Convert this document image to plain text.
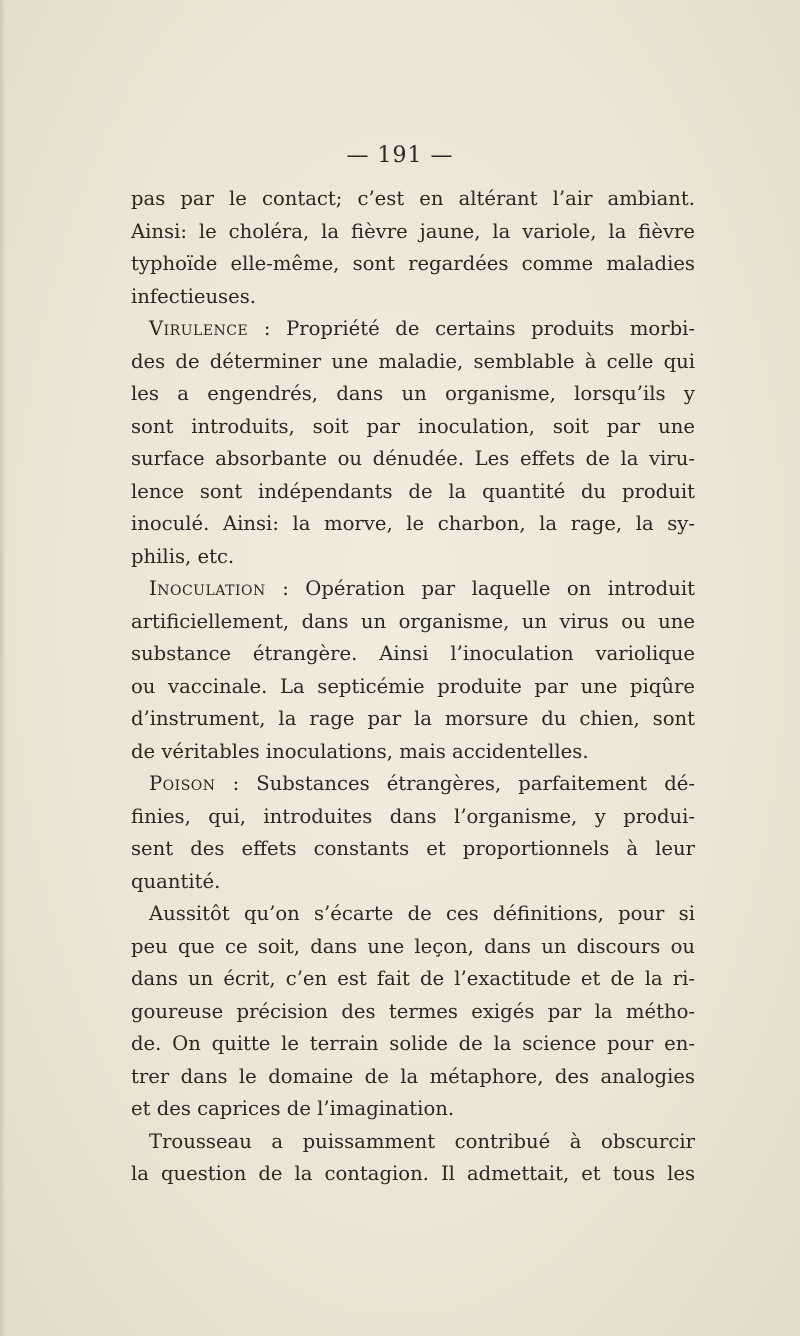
— 191 —
pas par le contact; c’est en altérant l’air ambiant.
Ainsi: le choléra, la fièvre jaune, la variole, la fièvre
typhoïde elle-même, sont regardées comme maladies
infectieuses.
Virulence : Propriété de certains produits morbi-
des de déterminer une maladie, semblable à celle qui
les a engendrés, dans un organisme, lorsqu’ils y
sont introduits, soit par inoculation, soit par une
surface absorbante ou dénudée. Les effets de la viru-
lence sont indépendants de la quantité du produit
inoculé. Ainsi: la morve, le charbon, la rage, la sy-
philis, etc.
Inoculation : Opération par laquelle on introduit
artificiellement, dans un organisme, un virus ou une
substance étrangère. Ainsi l’inoculation variolique
ou vaccinale. La septicémie produite par une piqûre
d’instrument, la rage par la morsure du chien, sont
de véritables inoculations, mais accidentelles.
Poison : Substances étrangères, parfaitement dé-
finies, qui, introduites dans l’organisme, y produi-
sent des effets constants et proportionnels à leur
quantité.
Aussitôt qu’on s’écarte de ces définitions, pour si
peu que ce soit, dans une leçon, dans un discours ou
dans un écrit, c’en est fait de l’exactitude et de la ri-
goureuse précision des termes exigés par la métho-
de. On quitte le terrain solide de la science pour en-
trer dans le domaine de la métaphore, des analogies
et des caprices de l’imagination.
Trousseau a puissamment contribué à obscurcir
la question de la contagion. Il admettait, et tous les
